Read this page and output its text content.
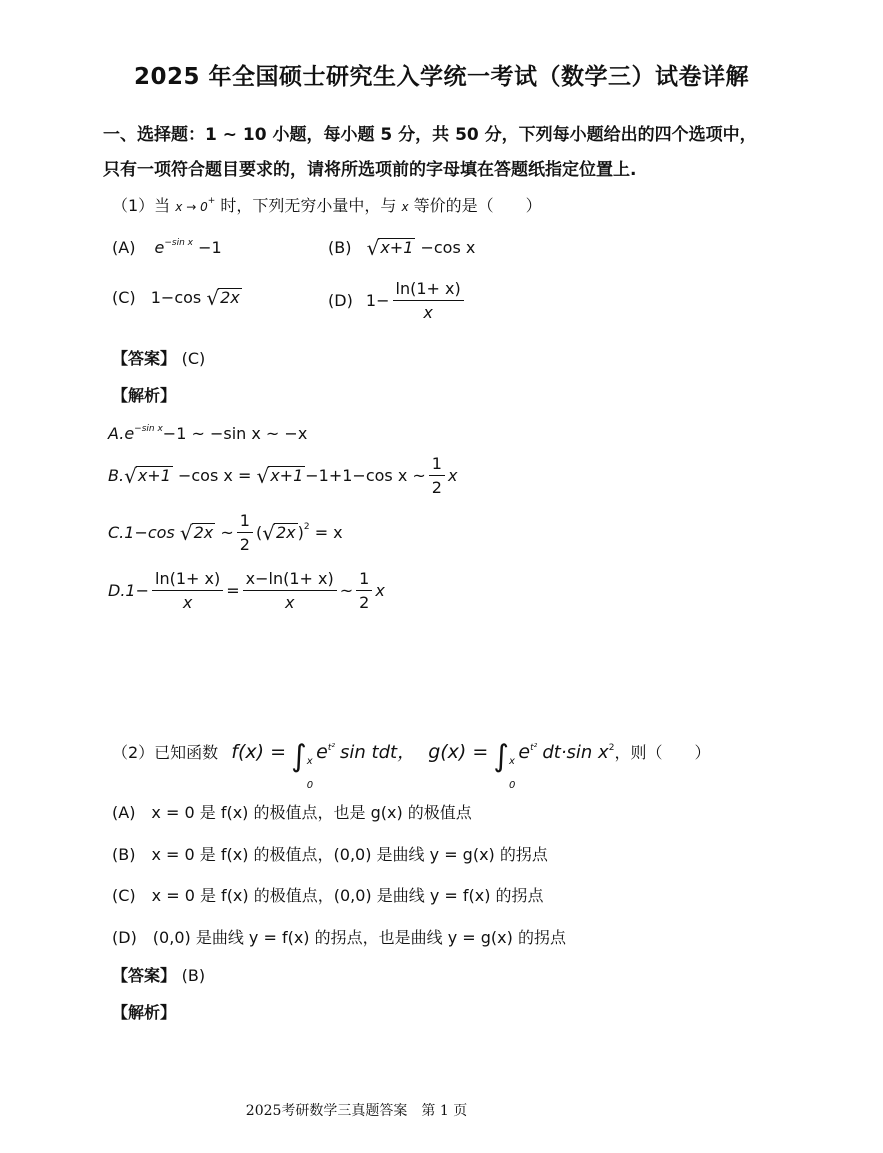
2025 年全国硕士研究生入学统一考试（数学三）试卷详解
一、选择题：1 ~ 10 小题，每小题 5 分，共 50 分，下列每小题给出的四个选项中，
只有一项符合题目要求的，请将所选项前的字母填在答题纸指定位置上.
（1）当 x → 0+ 时，下列无穷小量中，与 x 等价的是（　　）
(A) $e^{-sin x} -1$	(B) √x+1 −cos x
(C) 1−cos √2x	(D) $1- \frac{\ln(1+ x)}{x}$
【答案】 (C)
【解析】
$A.e^{-sin x}-1$ ~ −sin x ~ −x
B.√x+1 −cos x = √x+1 −1+1−cos x ~ $\frac{1}{2}$ x
C.1−cos √2x ~ $\frac{1}{2} (√2x$ )$^2$ = x
$D.1- \frac{\ln(1+ x)}{x} = \frac{x-\ln(1+ x)}{x}$ ~ $\frac{1}{2}$ x
（2）已知函数 f(x) = ∫ x
0
$e^{t^2}$ sin tdt， g(x) = ∫ x
0
$e^{t^2}$ dt·sin $x^2$，则（　　）
(A)　x = 0 是 f(x) 的极值点，也是 g(x) 的极值点
(B)　x = 0 是 f(x) 的极值点，(0,0) 是曲线 y = g(x) 的拐点
(C)　x = 0 是 f(x) 的极值点，(0,0) 是曲线 y = f(x) 的拐点
(D)　(0,0) 是曲线 y = f(x) 的拐点，也是曲线 y = g(x) 的拐点
【答案】 (B)
【解析】
2025考研数学三真题答案　第 1 页
